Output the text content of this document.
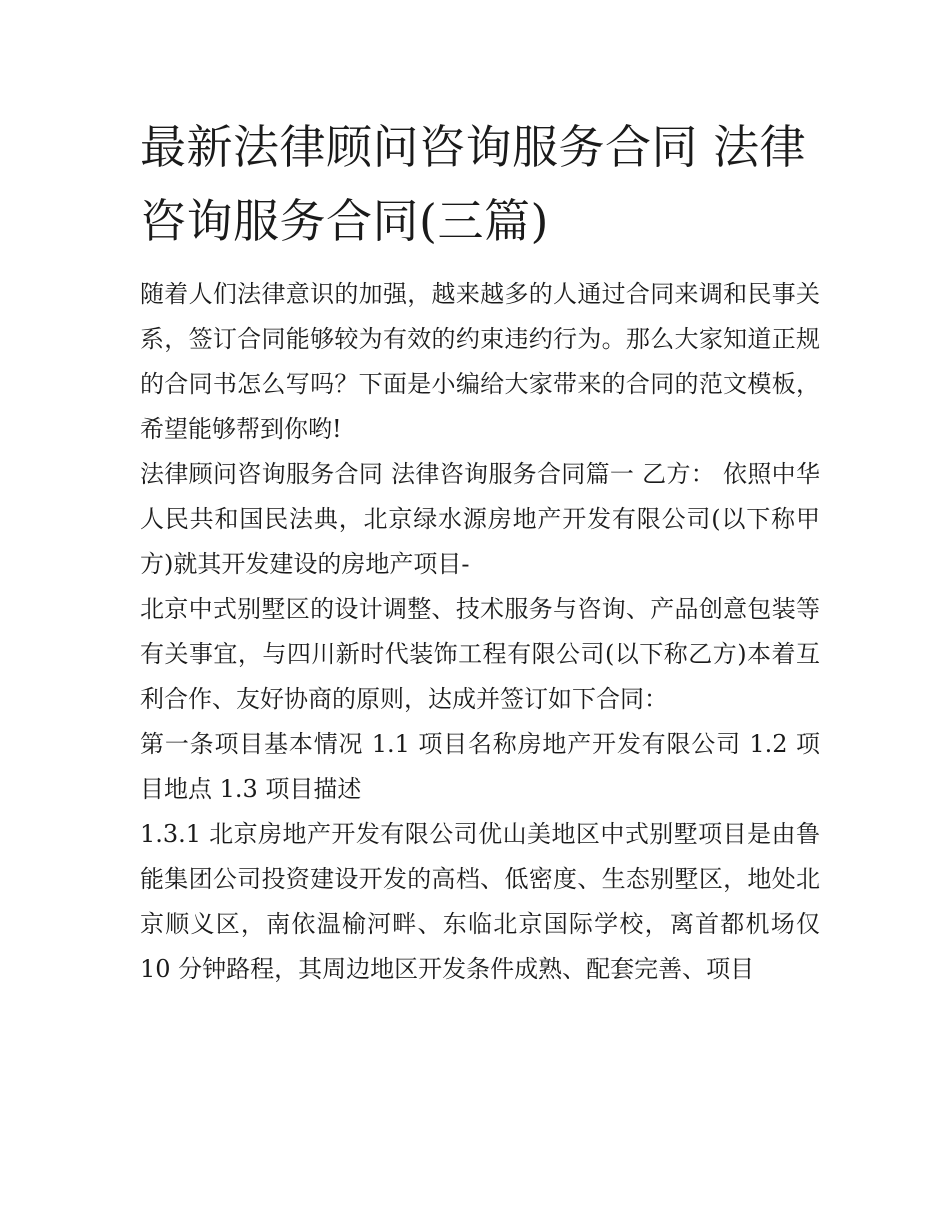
最新法律顾问咨询服务合同 法律咨询服务合同(三篇)

随着人们法律意识的加强，越来越多的人通过合同来调和民事关系，签订合同能够较为有效的约束违约行为。那么大家知道正规的合同书怎么写吗？下面是小编给大家带来的合同的范文模板，希望能够帮到你哟!

法律顾问咨询服务合同 法律咨询服务合同篇一 乙方： 依照中华人民共和国民法典，北京绿水源房地产开发有限公司(以下称甲方)就其开发建设的房地产项目-

北京中式别墅区的设计调整、技术服务与咨询、产品创意包装等有关事宜，与四川新时代装饰工程有限公司(以下称乙方)本着互利合作、友好协商的原则，达成并签订如下合同：

第一条项目基本情况 1.1 项目名称房地产开发有限公司 1.2 项目地点 1.3 项目描述

1.3.1 北京房地产开发有限公司优山美地区中式别墅项目是由鲁能集团公司投资建设开发的高档、低密度、生态别墅区，地处北京顺义区，南依温榆河畔、东临北京国际学校，离首都机场仅 10 分钟路程，其周边地区开发条件成熟、配套完善、项目
